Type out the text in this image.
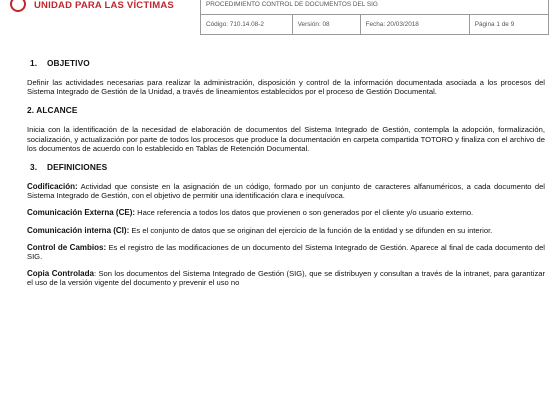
UNIDAD PARA LAS VÍCTIMAS	PROCEDIMIENTO CONTROL DE DOCUMENTOS DEL SIG
Código: 710.14.08-2	Versión: 08	Fecha: 20/03/2018	Página 1 de 9
1. OBJETIVO

Definir las actividades necesarias para realizar la administración, disposición y control de la información documentada asociada a los procesos del Sistema Integrado de Gestión de la Unidad, a través de lineamientos establecidos por el proceso de Gestión Documental.

2. ALCANCE

Inicia con la identificación de la necesidad de elaboración de documentos del Sistema Integrado de Gestión, contempla la adopción, formalización, socialización, y actualización por parte de todos los procesos que produce la documentación en carpeta compartida TOTORO y finaliza con el archivo de los documentos de acuerdo con lo establecido en Tablas de Retención Documental.

3. DEFINICIONES

Codificación: Actividad que consiste en la asignación de un código, formado por un conjunto de caracteres alfanuméricos, a cada documento del Sistema Integrado de Gestión, con el objetivo de permitir una identificación clara e inequívoca.

Comunicación Externa (CE): Hace referencia a todos los datos que provienen o son generados por el cliente y/o usuario externo.

Comunicación interna (CI): Es el conjunto de datos que se originan del ejercicio de la función de la entidad y se difunden en su interior.

Control de Cambios: Es el registro de las modificaciones de un documento del Sistema Integrado de Gestión. Aparece al final de cada documento del SIG.

Copia Controlada: Son los documentos del Sistema Integrado de Gestión (SIG), que se distribuyen y consultan a través de la intranet, para garantizar el uso de la versión vigente del documento y prevenir el uso no
